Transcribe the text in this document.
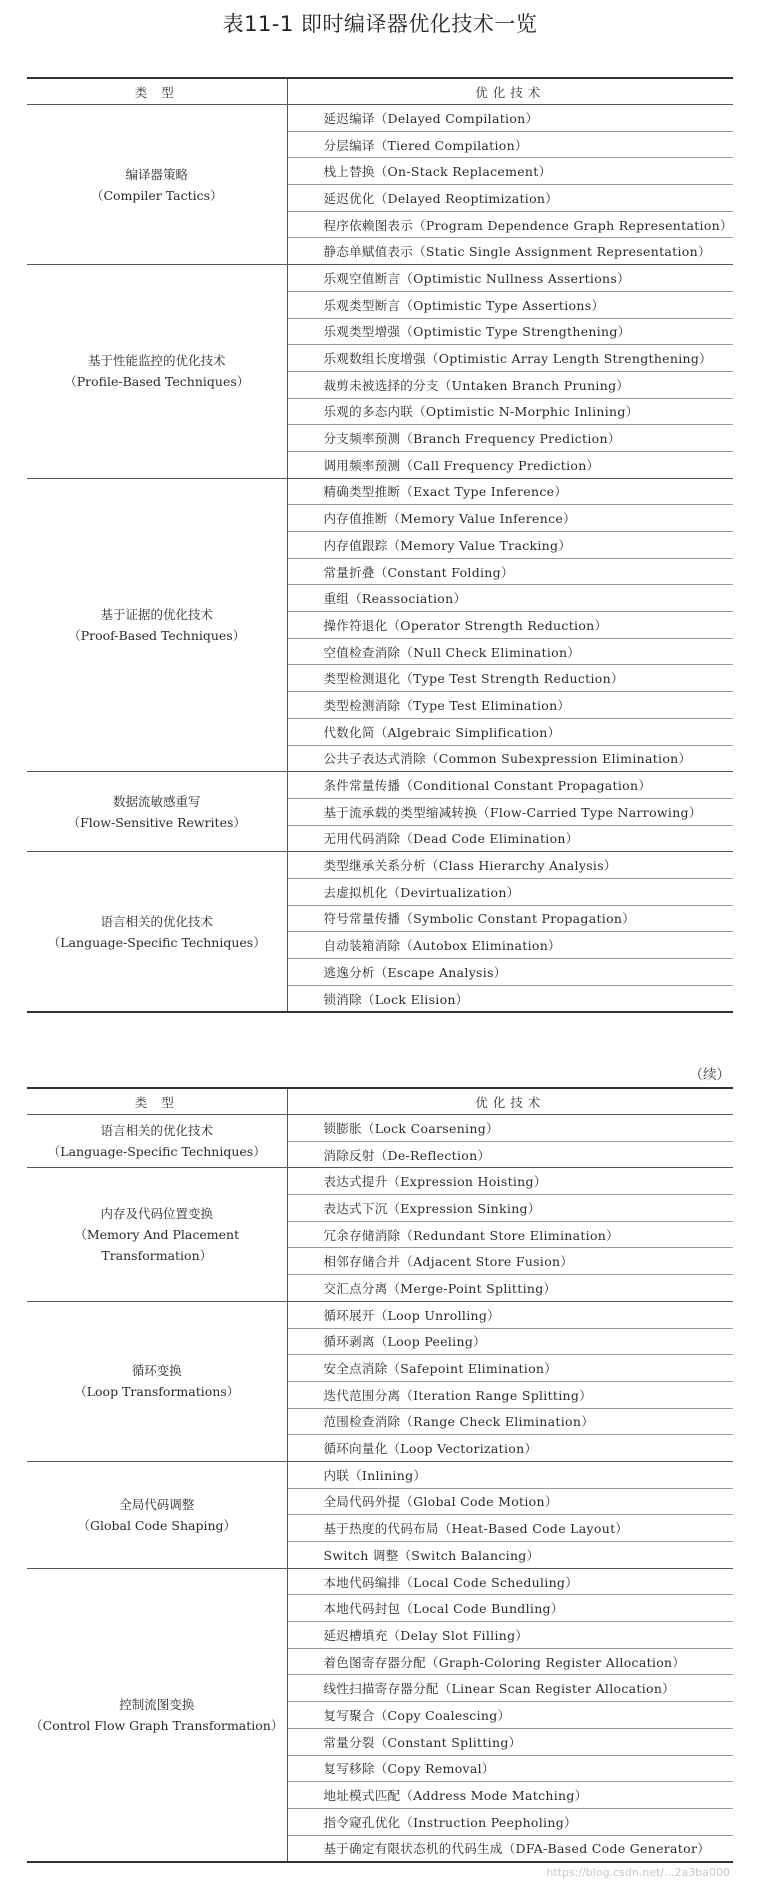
表11-1 即时编译器优化技术一览
类 型	优化技术

编译器策略
（Compiler Tactics）	延迟编译（Delayed Compilation）
	分层编译（Tiered Compilation）
	栈上替换（On-Stack Replacement）
	延迟优化（Delayed Reoptimization）
	程序依赖图表示（Program Dependence Graph Representation）
	静态单赋值表示（Static Single Assignment Representation）

基于性能监控的优化技术
（Profile-Based Techniques）	乐观空值断言（Optimistic Nullness Assertions）
	乐观类型断言（Optimistic Type Assertions）
	乐观类型增强（Optimistic Type Strengthening）
	乐观数组长度增强（Optimistic Array Length Strengthening）
	裁剪未被选择的分支（Untaken Branch Pruning）
	乐观的多态内联（Optimistic N-Morphic Inlining）
	分支频率预测（Branch Frequency Prediction）
	调用频率预测（Call Frequency Prediction）

基于证据的优化技术
（Proof-Based Techniques）	精确类型推断（Exact Type Inference）
	内存值推断（Memory Value Inference）
	内存值跟踪（Memory Value Tracking）
	常量折叠（Constant Folding）
	重组（Reassociation）
	操作符退化（Operator Strength Reduction）
	空值检查消除（Null Check Elimination）
	类型检测退化（Type Test Strength Reduction）
	类型检测消除（Type Test Elimination）
	代数化简（Algebraic Simplification）
	公共子表达式消除（Common Subexpression Elimination）

数据流敏感重写
（Flow-Sensitive Rewrites）	条件常量传播（Conditional Constant Propagation）
	基于流承载的类型缩减转换（Flow-Carried Type Narrowing）
	无用代码消除（Dead Code Elimination）

语言相关的优化技术
（Language-Specific Techniques）	类型继承关系分析（Class Hierarchy Analysis）
	去虚拟机化（Devirtualization）
	符号常量传播（Symbolic Constant Propagation）
	自动装箱消除（Autobox Elimination）
	逃逸分析（Escape Analysis）
	锁消除（Lock Elision）
（续）
类 型	优化技术

语言相关的优化技术
（Language-Specific Techniques）	锁膨胀（Lock Coarsening）
	消除反射（De-Reflection）

内存及代码位置变换
（Memory And Placement Transformation）	表达式提升（Expression Hoisting）
	表达式下沉（Expression Sinking）
	冗余存储消除（Redundant Store Elimination）
	相邻存储合并（Adjacent Store Fusion）
	交汇点分离（Merge-Point Splitting）

循环变换
（Loop Transformations）	循环展开（Loop Unrolling）
	循环剥离（Loop Peeling）
	安全点消除（Safepoint Elimination）
	迭代范围分离（Iteration Range Splitting）
	范围检查消除（Range Check Elimination）
	循环向量化（Loop Vectorization）

全局代码调整
（Global Code Shaping）	内联（Inlining）
	全局代码外提（Global Code Motion）
	基于热度的代码布局（Heat-Based Code Layout）
	Switch 调整（Switch Balancing）

控制流图变换
（Control Flow Graph Transformation）	本地代码编排（Local Code Scheduling）
	本地代码封包（Local Code Bundling）
	延迟槽填充（Delay Slot Filling）
	着色图寄存器分配（Graph-Coloring Register Allocation）
	线性扫描寄存器分配（Linear Scan Register Allocation）
	复写聚合（Copy Coalescing）
	常量分裂（Constant Splitting）
	复写移除（Copy Removal）
	地址模式匹配（Address Mode Matching）
	指令窥孔优化（Instruction Peepholing）
	基于确定有限状态机的代码生成（DFA-Based Code Generator）
https://blog.csdn.net/...2a3ba000
